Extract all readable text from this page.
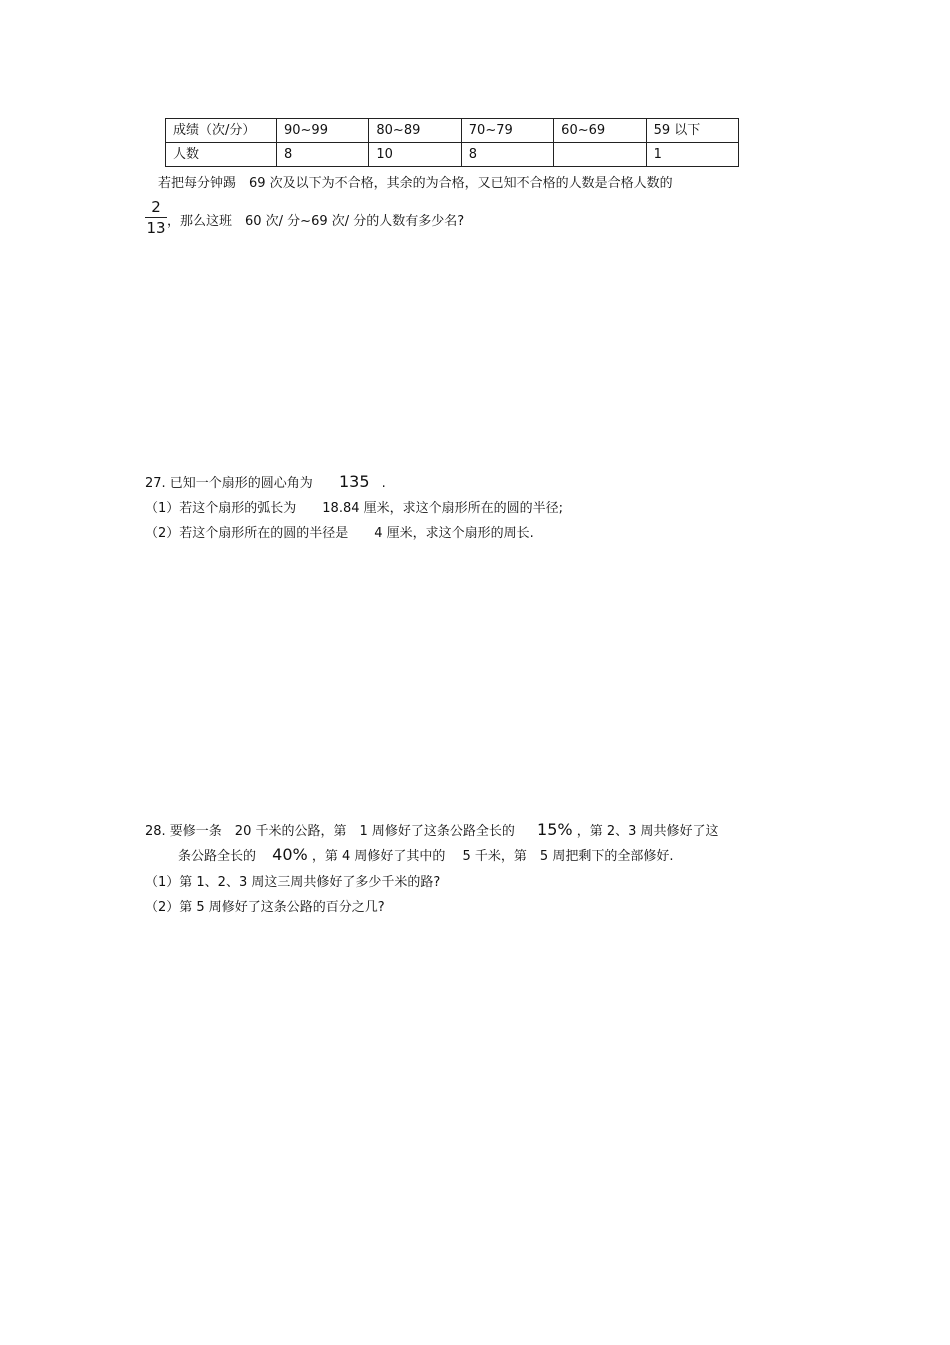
成绩（次/分）	90~99	80~89	70~79	60~69	59 以下
人数	8	10	8		1
若把每分钟踢　69 次及以下为不合格，其余的为合格，又已知不合格的人数是合格人数的
2
13 ，那么这班　60 次/ 分~69 次/ 分的人数有多少名?
27. 已知一个扇形的圆心角为 135 .
（1）若这个扇形的弧长为　　18.84 厘米，求这个扇形所在的圆的半径;
（2）若这个扇形所在的圆的半径是　　4 厘米，求这个扇形的周长.
28. 要修一条　20 千米的公路，第　1 周修好了这条公路全长的 15% ，第 2、3 周共修好了这
条公路全长的 40% ，第 4 周修好了其中的　 5 千米，第　5 周把剩下的全部修好.
（1）第 1、2、3 周这三周共修好了多少千米的路?
（2）第 5 周修好了这条公路的百分之几?
